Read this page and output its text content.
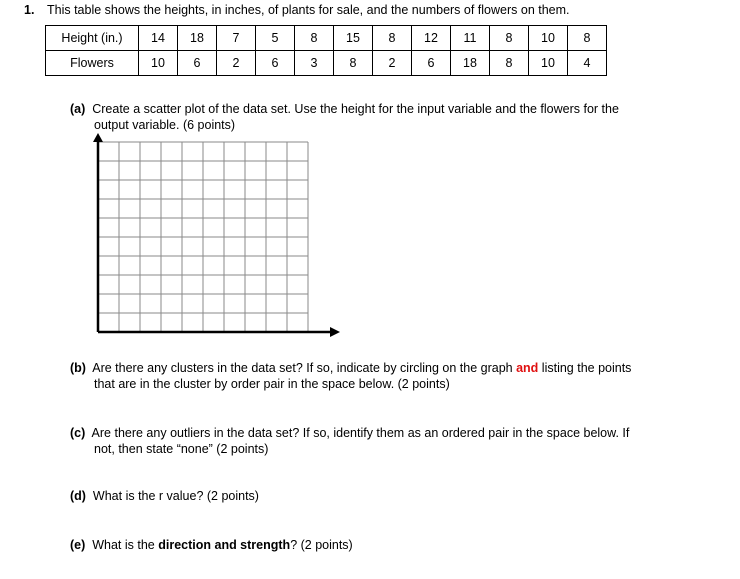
1. This table shows the heights, in inches, of plants for sale, and the numbers of flowers on them.
Height (in.)	14	18	7	5	8	15	8	12	11	8	10	8
Flowers	10	6	2	6	3	8	2	6	18	8	10	4
(a) Create a scatter plot of the data set. Use the height for the input variable and the flowers for the
output variable. (6 points)
(b) Are there any clusters in the data set? If so, indicate by circling on the graph and listing the points
that are in the cluster by order pair in the space below. (2 points)
(c) Are there any outliers in the data set? If so, identify them as an ordered pair in the space below. If
not, then state “none” (2 points)
(d) What is the r value? (2 points)
(e) What is the direction and strength? (2 points)
